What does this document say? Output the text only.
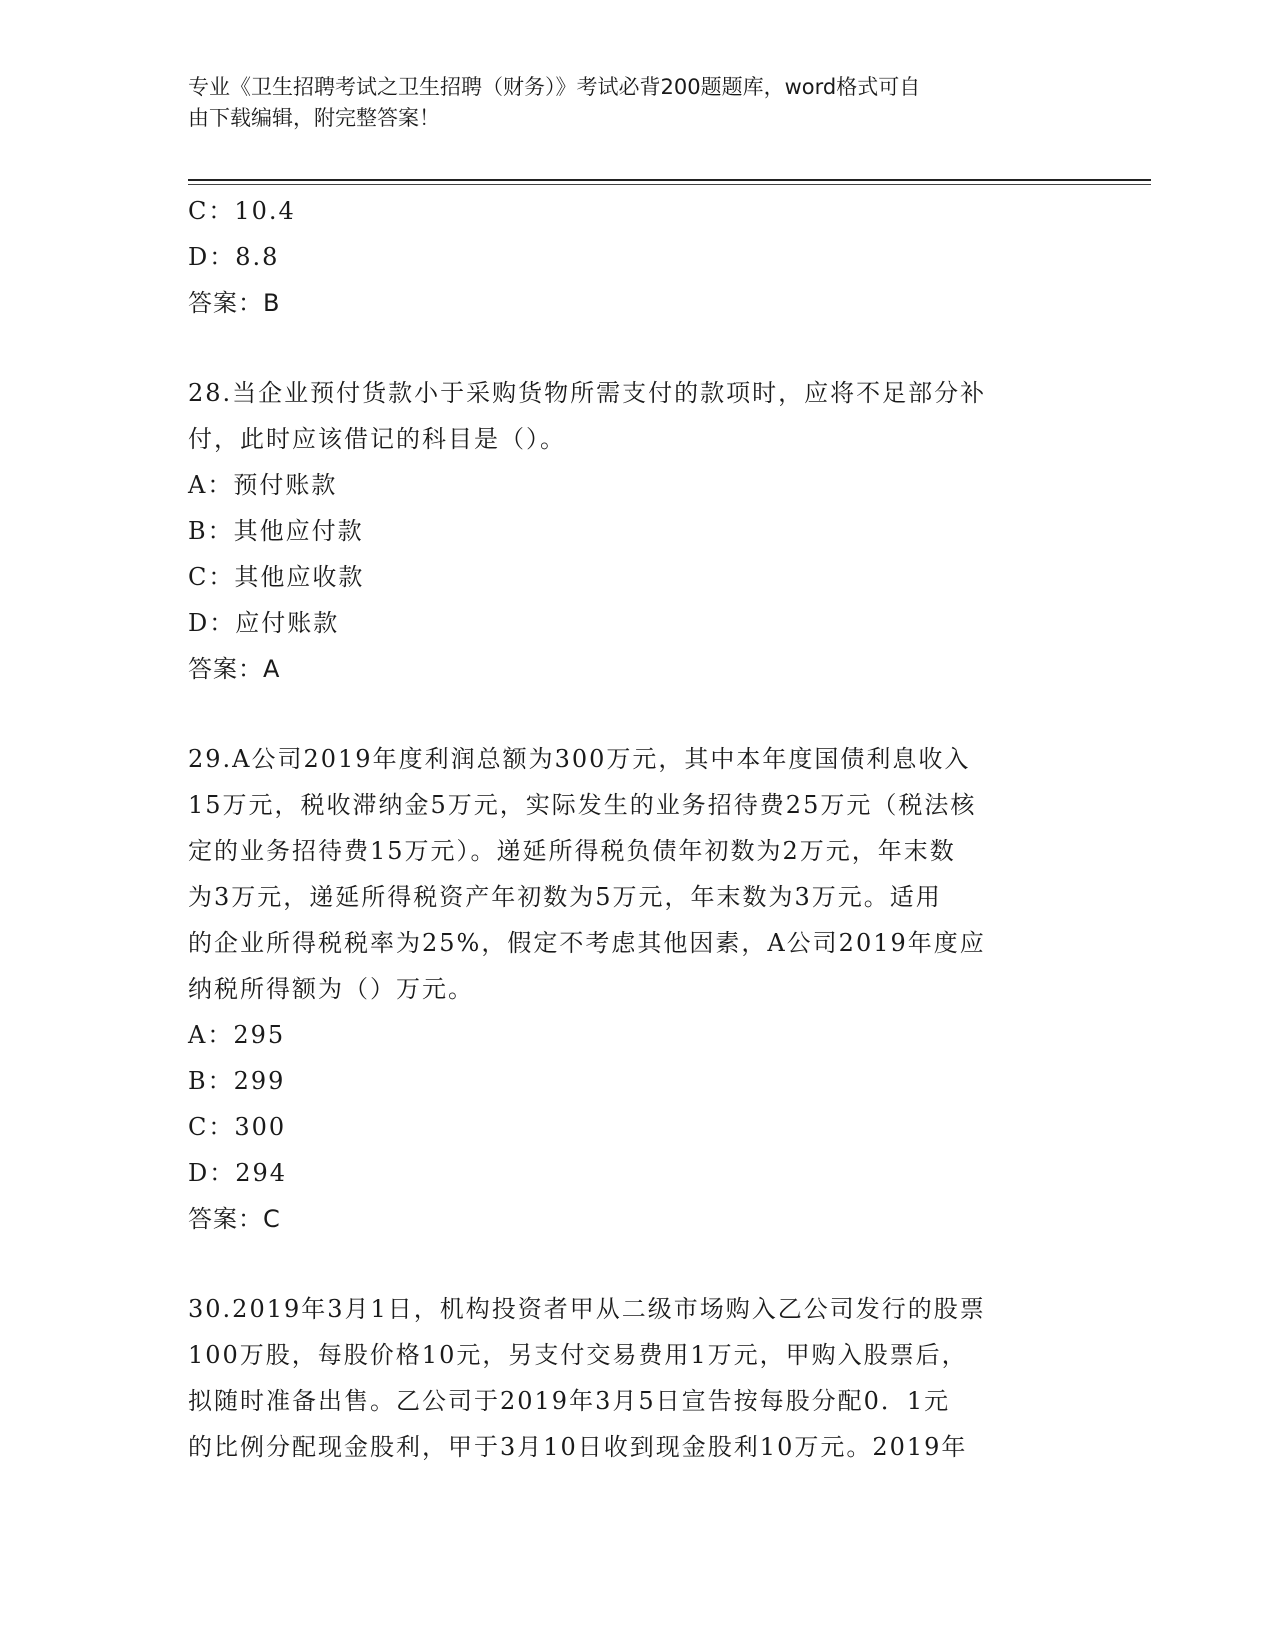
专业《卫生招聘考试之卫生招聘（财务）》考试必背200题题库，word格式可自

由下载编辑，附完整答案！

C：10.4

D：8.8

答案：B

28.当企业预付货款小于采购货物所需支付的款项时，应将不足部分补

付，此时应该借记的科目是（）。

A：预付账款

B：其他应付款

C：其他应收款

D：应付账款

答案：A

29.A公司2019年度利润总额为300万元，其中本年度国债利息收入

15万元，税收滞纳金5万元，实际发生的业务招待费25万元（税法核

定的业务招待费15万元）。递延所得税负债年初数为2万元，年末数

为3万元，递延所得税资产年初数为5万元，年末数为3万元。适用

的企业所得税税率为25%，假定不考虑其他因素，A公司2019年度应

纳税所得额为（）万元。

A：295

B：299

C：300

D：294

答案：C

30.2019年3月1日，机构投资者甲从二级市场购入乙公司发行的股票

100万股，每股价格10元，另支付交易费用1万元，甲购入股票后，

拟随时准备出售。乙公司于2019年3月5日宣告按每股分配0．1元

的比例分配现金股利，甲于3月10日收到现金股利10万元。2019年
